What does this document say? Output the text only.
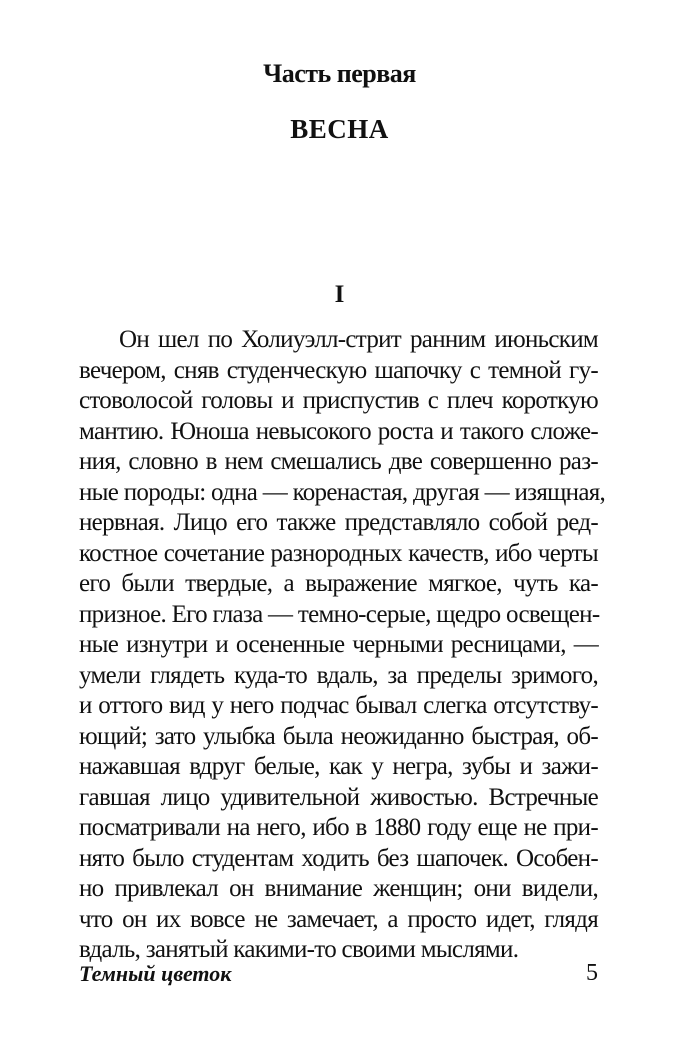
Часть первая
ВЕСНА
I
Он шел по Холиуэлл-стрит ранним июньским
вечером, сняв студенческую шапочку с темной гу-
стоволосой головы и приспустив с плеч короткую
мантию. Юноша невысокого роста и такого сложе-
ния, словно в нем смешались две совершенно раз-
ные породы: одна — коренастая, другая — изящная,
нервная. Лицо его также представляло собой ред-
костное сочетание разнородных качеств, ибо черты
его были твердые, а выражение мягкое, чуть ка-
призное. Его глаза — темно-серые, щедро освещен-
ные изнутри и осененные черными ресницами, —
умели глядеть куда-то вдаль, за пределы зримого,
и оттого вид у него подчас бывал слегка отсутству-
ющий; зато улыбка была неожиданно быстрая, об-
нажавшая вдруг белые, как у негра, зубы и зажи-
гавшая лицо удивительной живостью. Встречные
посматривали на него, ибо в 1880 году еще не при-
нято было студентам ходить без шапочек. Особен-
но привлекал он внимание женщин; они видели,
что он их вовсе не замечает, а просто идет, глядя
вдаль, занятый какими-то своими мыслями.
Темный цветок	5
